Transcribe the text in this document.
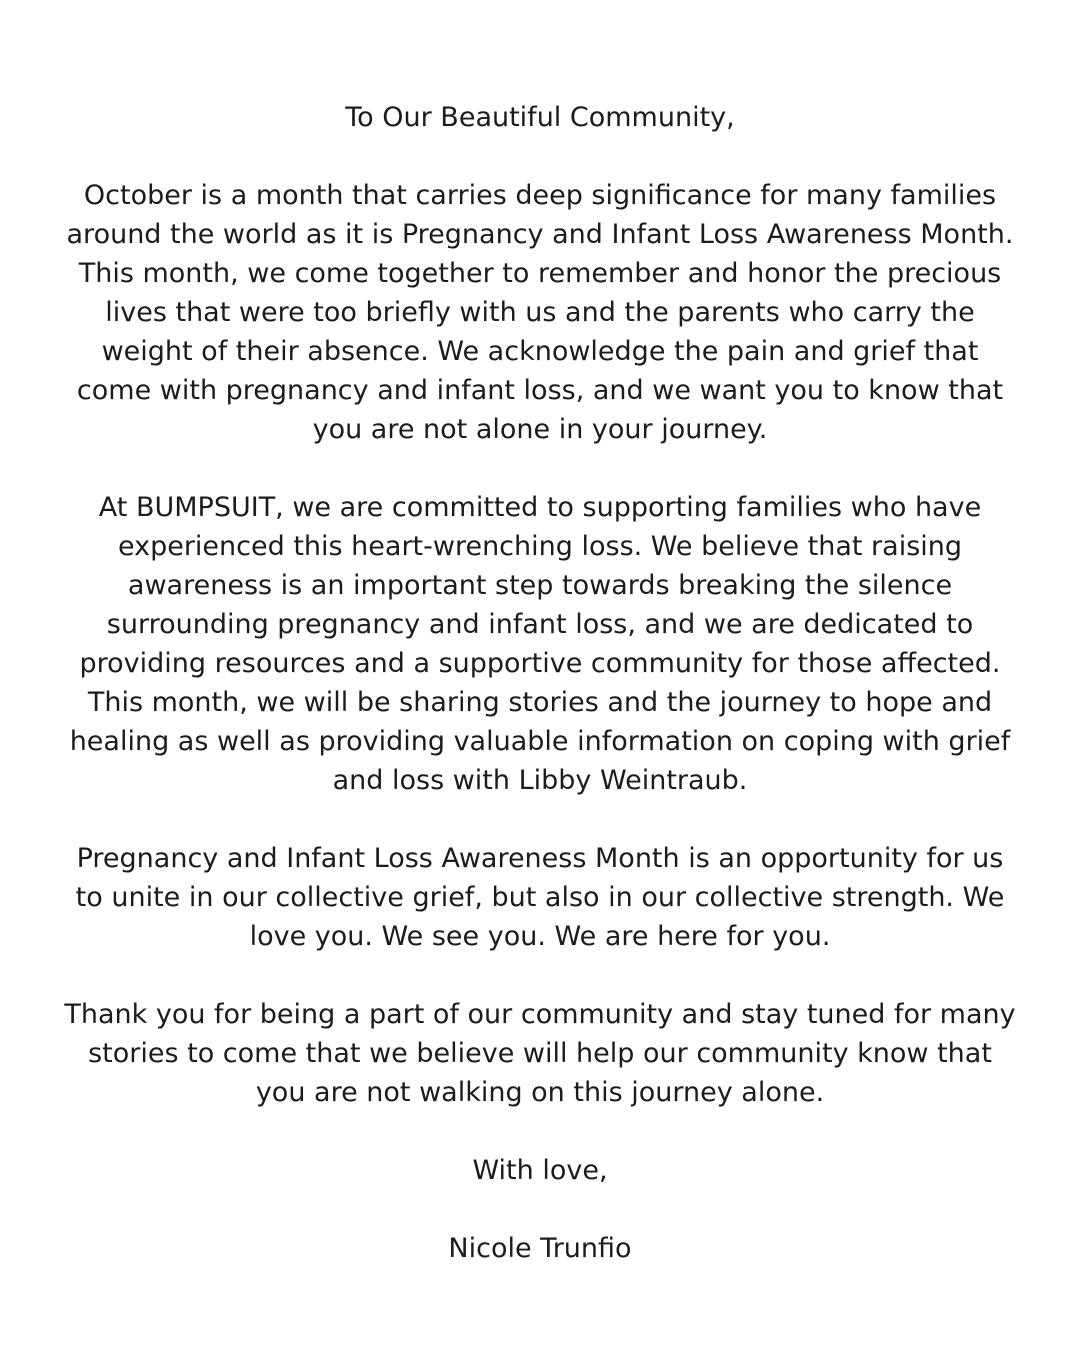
To Our Beautiful Community,

October is a month that carries deep significance for many families
around the world as it is Pregnancy and Infant Loss Awareness Month.
This month, we come together to remember and honor the precious
lives that were too briefly with us and the parents who carry the
weight of their absence. We acknowledge the pain and grief that
come with pregnancy and infant loss, and we want you to know that
you are not alone in your journey.

At BUMPSUIT, we are committed to supporting families who have
experienced this heart-wrenching loss. We believe that raising
awareness is an important step towards breaking the silence
surrounding pregnancy and infant loss, and we are dedicated to
providing resources and a supportive community for those affected.
This month, we will be sharing stories and the journey to hope and
healing as well as providing valuable information on coping with grief
and loss with Libby Weintraub.

Pregnancy and Infant Loss Awareness Month is an opportunity for us
to unite in our collective grief, but also in our collective strength. We
love you. We see you. We are here for you.

Thank you for being a part of our community and stay tuned for many
stories to come that we believe will help our community know that
you are not walking on this journey alone.

With love,

Nicole Trunfio
